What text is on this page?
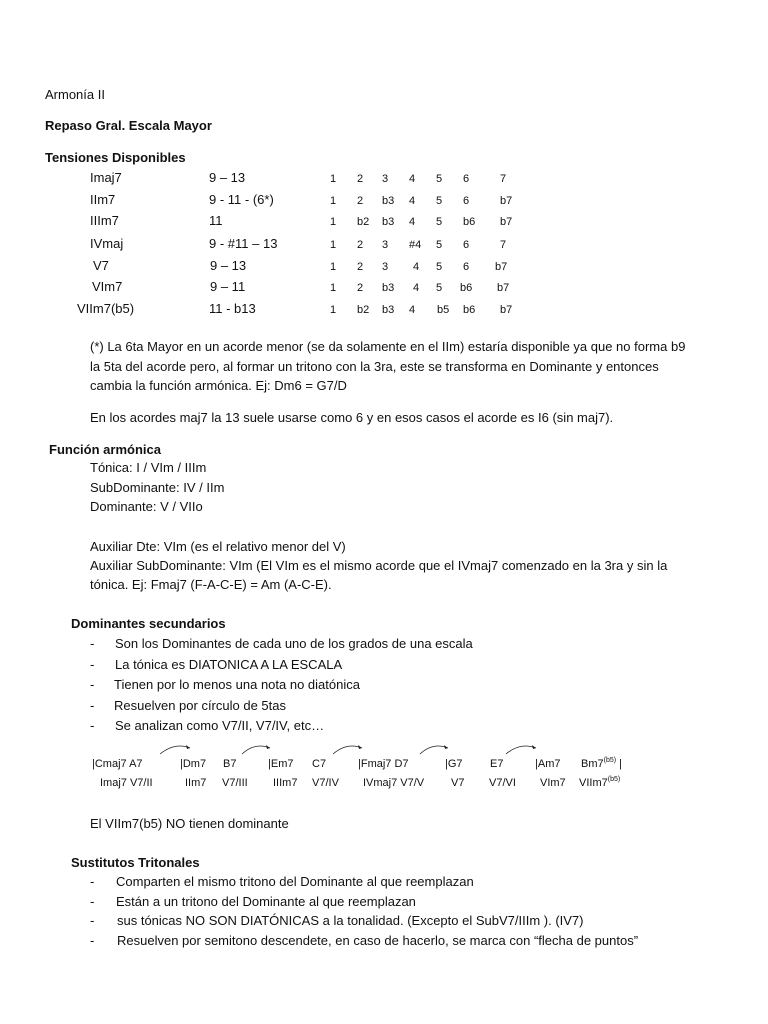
Armonía II
Repaso Gral. Escala Mayor
Tensiones Disponibles
Imaj7	9 – 13	1 2 3 4 5 6	7
IIm7	9 - 11 - (6*)	1 2 b3 4 5 6	b7
IIIm7	11	1 b2 b3 4 5 b6 b7
IVmaj	9 - #11 – 13	1 2 3 #4 5 6	7
V7	9 – 13	1 2 3 4 5 6 b7
VIm7	9 – 11	1 2 b3 4 5 b6 b7
VIIm7(b5)	11 - b13	1 b2 b3 4 b5 b6 b7
(*) La 6ta Mayor en un acorde menor (se da solamente en el IIm) estaría disponible ya que no forma b9
la 5ta del acorde pero, al formar un tritono con la 3ra, este se transforma en Dominante y entonces
cambia la función armónica. Ej: Dm6 = G7/D
En los acordes maj7 la 13 suele usarse como 6 y en esos casos el acorde es I6 (sin maj7).
Función armónica
Tónica: I / VIm / IIIm
SubDominante: IV / IIm
Dominante: V / VIIo
Auxiliar Dte: VIm (es el relativo menor del V)
Auxiliar SubDominante: VIm (El VIm es el mismo acorde que el IVmaj7 comenzado en la 3ra y sin la
tónica. Ej: Fmaj7 (F-A-C-E) = Am (A-C-E).
Dominantes secundarios
- Son los Dominantes de cada uno de los grados de una escala
- La tónica es DIATONICA A LA ESCALA
- Tienen por lo menos una nota no diatónica
- Resuelven por círculo de 5tas
- Se analizan como V7/II, V7/IV, etc…
|Cmaj7 A7	|Dm7 B7	|Em7 C7	|Fmaj7 D7	|G7 E7	|Am7 $Bm7^{(b5)}$ |
Imaj7 V7/II	IIm7 V7/III IIIm7 V7/IV IVmaj7 V7/V V7 V7/VI VIm7 $VIIm7^{(b5)}$
El VIIm7(b5) NO tienen dominante
Sustitutos Tritonales
- Comparten el mismo tritono del Dominante al que reemplazan
- Están a un tritono del Dominante al que reemplazan
- sus tónicas NO SON DIATÓNICAS a la tonalidad. (Excepto el SubV7/IIIm ). (IV7)
- Resuelven por semitono descendete, en caso de hacerlo, se marca con “flecha de puntos”
